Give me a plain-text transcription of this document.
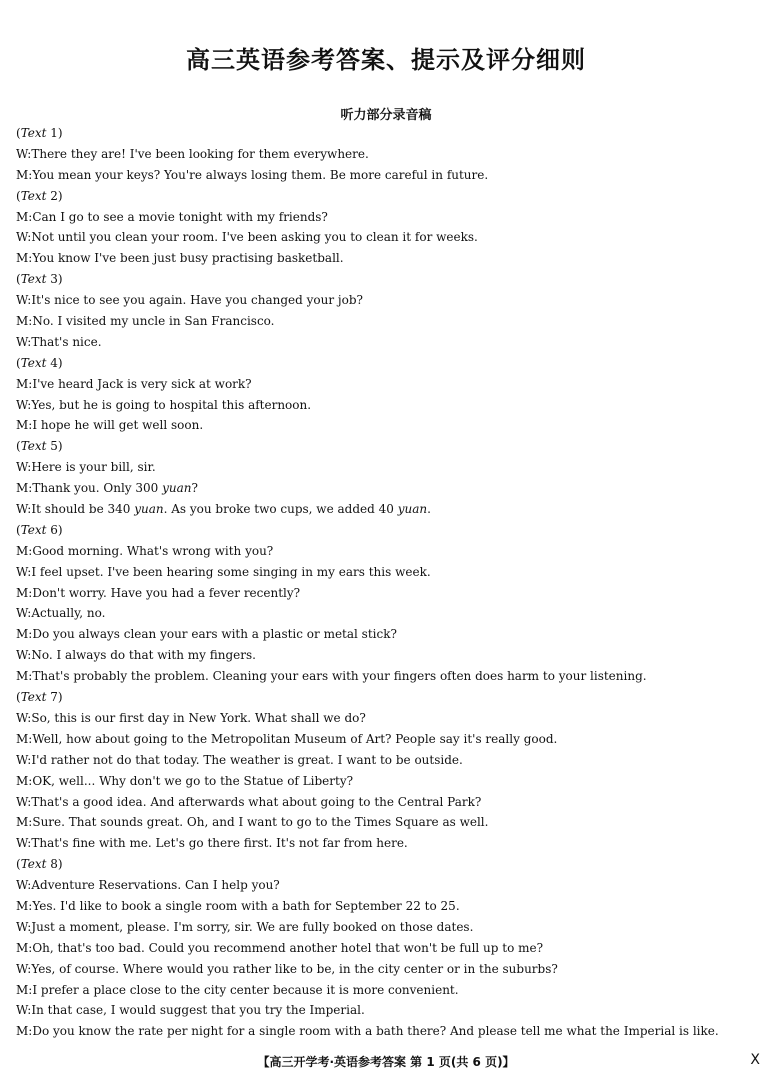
高三英语参考答案、提示及评分细则
听力部分录音稿
(Text 1)
W:There they are! I've been looking for them everywhere.
M:You mean your keys? You're always losing them. Be more careful in future.
(Text 2)
M:Can I go to see a movie tonight with my friends?
W:Not until you clean your room. I've been asking you to clean it for weeks.
M:You know I've been just busy practising basketball.
(Text 3)
W:It's nice to see you again. Have you changed your job?
M:No. I visited my uncle in San Francisco.
W:That's nice.
(Text 4)
M:I've heard Jack is very sick at work?
W:Yes, but he is going to hospital this afternoon.
M:I hope he will get well soon.
(Text 5)
W:Here is your bill, sir.
M:Thank you. Only 300 yuan?
W:It should be 340 yuan. As you broke two cups, we added 40 yuan.
(Text 6)
M:Good morning. What's wrong with you?
W:I feel upset. I've been hearing some singing in my ears this week.
M:Don't worry. Have you had a fever recently?
W:Actually, no.
M:Do you always clean your ears with a plastic or metal stick?
W:No. I always do that with my fingers.
M:That's probably the problem. Cleaning your ears with your fingers often does harm to your listening.
(Text 7)
W:So, this is our first day in New York. What shall we do?
M:Well, how about going to the Metropolitan Museum of Art? People say it's really good.
W:I'd rather not do that today. The weather is great. I want to be outside.
M:OK, well... Why don't we go to the Statue of Liberty?
W:That's a good idea. And afterwards what about going to the Central Park?
M:Sure. That sounds great. Oh, and I want to go to the Times Square as well.
W:That's fine with me. Let's go there first. It's not far from here.
(Text 8)
W:Adventure Reservations. Can I help you?
M:Yes. I'd like to book a single room with a bath for September 22 to 25.
W:Just a moment, please. I'm sorry, sir. We are fully booked on those dates.
M:Oh, that's too bad. Could you recommend another hotel that won't be full up to me?
W:Yes, of course. Where would you rather like to be, in the city center or in the suburbs?
M:I prefer a place close to the city center because it is more convenient.
W:In that case, I would suggest that you try the Imperial.
M:Do you know the rate per night for a single room with a bath there? And please tell me what the Imperial is like.
【高三开学考·英语参考答案 第 1 页(共 6 页)】	X
